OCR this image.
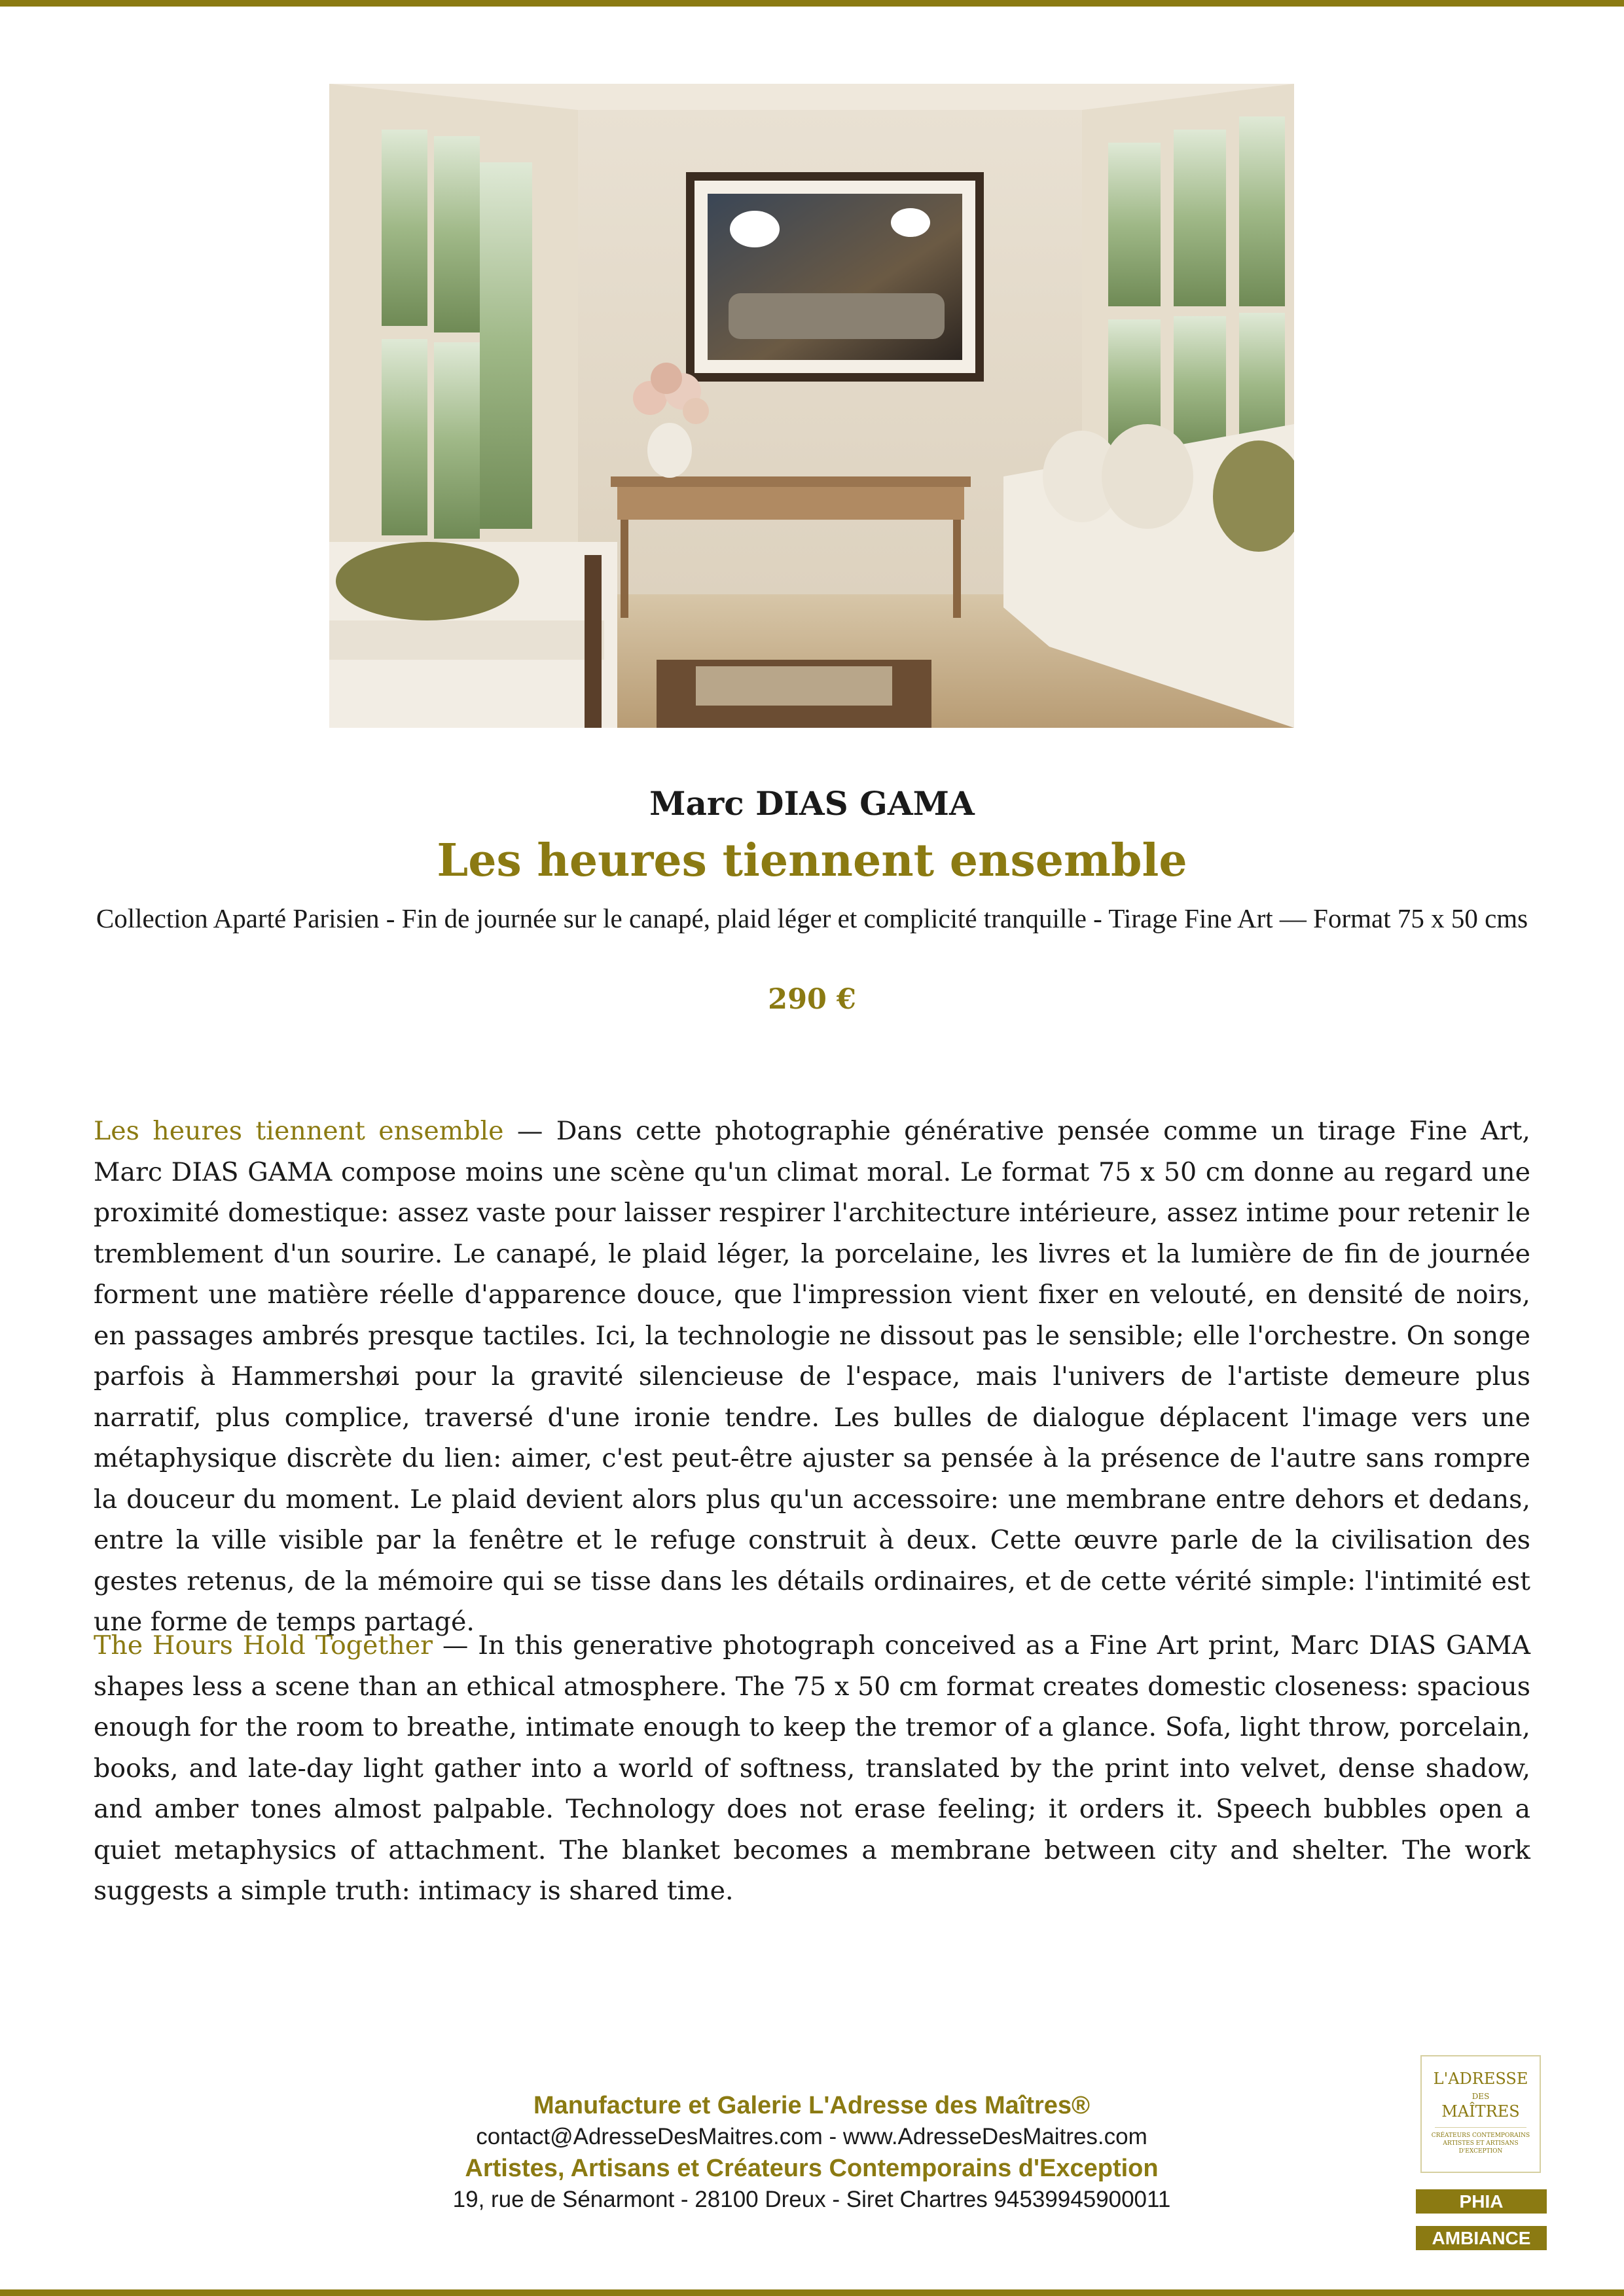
Marc DIAS GAMA
Les heures tiennent ensemble
Collection Aparté Parisien - Fin de journée sur le canapé, plaid léger et complicité tranquille - Tirage Fine Art — Format 75 x 50 cms
290 €

Les heures tiennent ensemble — Dans cette photographie générative pensée comme un tirage Fine Art, Marc DIAS GAMA compose moins une scène qu'un climat moral. Le format 75 x 50 cm donne au regard une proximité domestique: assez vaste pour laisser respirer l'architecture intérieure, assez intime pour retenir le tremblement d'un sourire. Le canapé, le plaid léger, la porcelaine, les livres et la lumière de fin de journée forment une matière réelle d'apparence douce, que l'impression vient fixer en velouté, en densité de noirs, en passages ambrés presque tactiles. Ici, la technologie ne dissout pas le sensible; elle l'orchestre. On songe parfois à Hammershøi pour la gravité silencieuse de l'espace, mais l'univers de l'artiste demeure plus narratif, plus complice, traversé d'une ironie tendre. Les bulles de dialogue déplacent l'image vers une métaphysique discrète du lien: aimer, c'est peut-être ajuster sa pensée à la présence de l'autre sans rompre la douceur du moment. Le plaid devient alors plus qu'un accessoire: une membrane entre dehors et dedans, entre la ville visible par la fenêtre et le refuge construit à deux. Cette œuvre parle de la civilisation des gestes retenus, de la mémoire qui se tisse dans les détails ordinaires, et de cette vérité simple: l'intimité est une forme de temps partagé.

The Hours Hold Together — In this generative photograph conceived as a Fine Art print, Marc DIAS GAMA shapes less a scene than an ethical atmosphere. The 75 x 50 cm format creates domestic closeness: spacious enough for the room to breathe, intimate enough to keep the tremor of a glance. Sofa, light throw, porcelain, books, and late-day light gather into a world of softness, translated by the print into velvet, dense shadow, and amber tones almost palpable. Technology does not erase feeling; it orders it. Speech bubbles open a quiet metaphysics of attachment. The blanket becomes a membrane between city and shelter. The work suggests a simple truth: intimacy is shared time.

Manufacture et Galerie L'Adresse des Maîtres®
contact@AdresseDesMaitres.com - www.AdresseDesMaitres.com
Artistes, Artisans et Créateurs Contemporains d'Exception
19, rue de Sénarmont - 28100 Dreux - Siret Chartres 94539945900011
L'ADRESSE
DES
MAÎTRES
CRÉATEURS CONTEMPORAINS ARTISTES ET ARTISANS D'EXCEPTION
PHIA
AMBIANCE
